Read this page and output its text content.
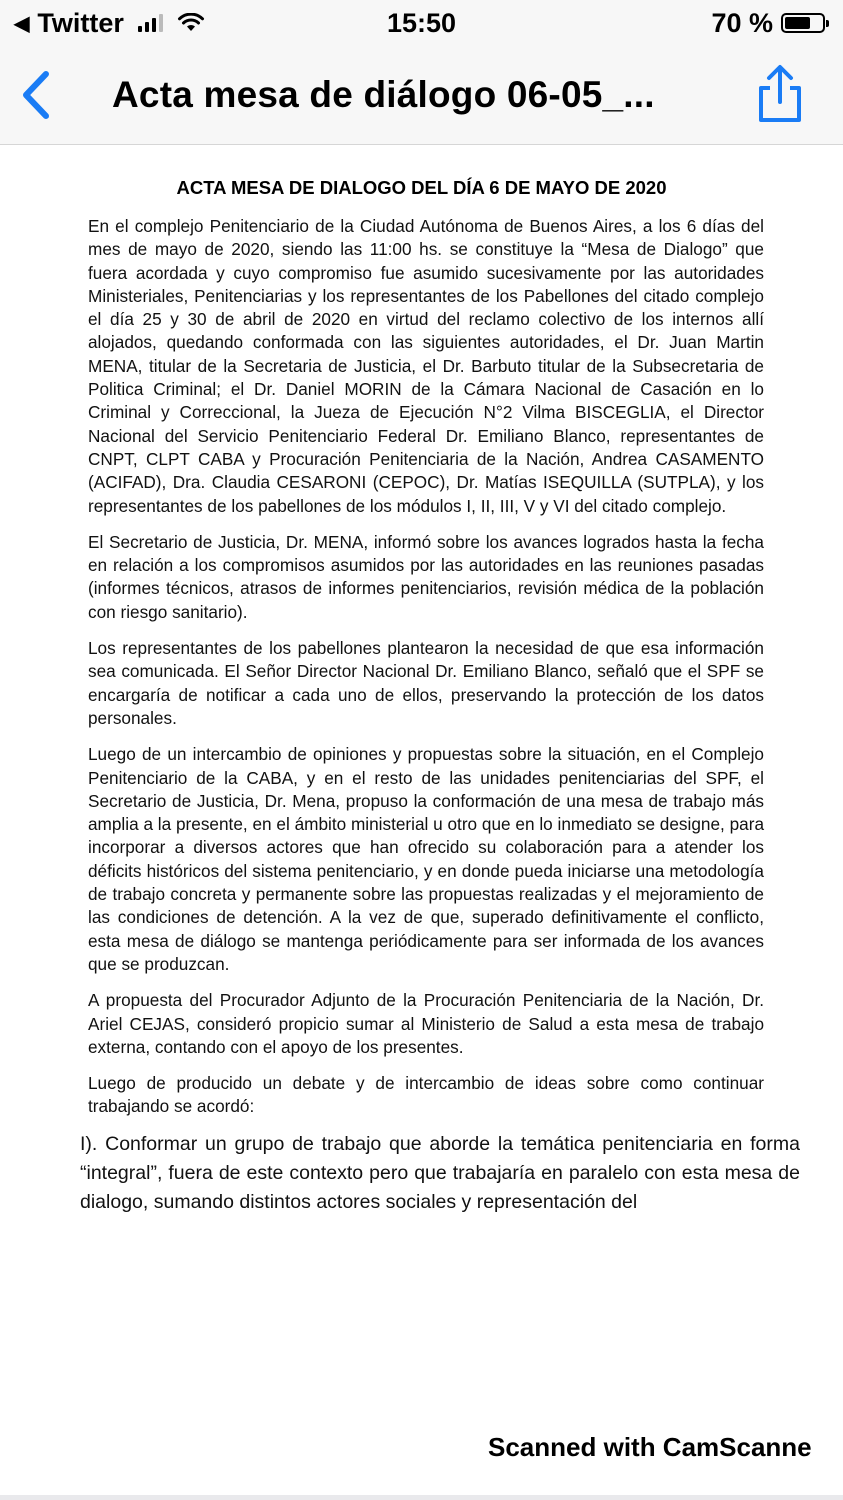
◀ Twitter	15:50	70 %
Acta mesa de diálogo 06-05_...
ACTA MESA DE DIALOGO DEL DÍA 6 DE MAYO DE 2020

En el complejo Penitenciario de la Ciudad Autónoma de Buenos Aires, a los 6 días del mes de mayo de 2020, siendo las 11:00 hs. se constituye la “Mesa de Dialogo” que fuera acordada y cuyo compromiso fue asumido sucesivamente por las autoridades Ministeriales, Penitenciarias y los representantes de los Pabellones del citado complejo el día 25 y 30 de abril de 2020 en virtud del reclamo colectivo de los internos allí alojados, quedando conformada con las siguientes autoridades, el Dr. Juan Martin MENA, titular de la Secretaria de Justicia, el Dr. Barbuto titular de la Subsecretaria de Politica Criminal; el Dr. Daniel MORIN de la Cámara Nacional de Casación en lo Criminal y Correccional, la Jueza de Ejecución N°2 Vilma BISCEGLIA, el Director Nacional del Servicio Penitenciario Federal Dr. Emiliano Blanco, representantes de CNPT, CLPT CABA y Procuración Penitenciaria de la Nación, Andrea CASAMENTO (ACIFAD), Dra. Claudia CESARONI (CEPOC), Dr. Matías ISEQUILLA (SUTPLA), y los representantes de los pabellones de los módulos I, II, III, V y VI del citado complejo.

El Secretario de Justicia, Dr. MENA, informó sobre los avances logrados hasta la fecha en relación a los compromisos asumidos por las autoridades en las reuniones pasadas (informes técnicos, atrasos de informes penitenciarios, revisión médica de la población con riesgo sanitario).

Los representantes de los pabellones plantearon la necesidad de que esa información sea comunicada. El Señor Director Nacional Dr. Emiliano Blanco, señaló que el SPF se encargaría de notificar a cada uno de ellos, preservando la protección de los datos personales.

Luego de un intercambio de opiniones y propuestas sobre la situación, en el Complejo Penitenciario de la CABA, y en el resto de las unidades penitenciarias del SPF, el Secretario de Justicia, Dr. Mena, propuso la conformación de una mesa de trabajo más amplia a la presente, en el ámbito ministerial u otro que en lo inmediato se designe, para incorporar a diversos actores que han ofrecido su colaboración para a atender los déficits históricos del sistema penitenciario, y en donde pueda iniciarse una metodología de trabajo concreta y permanente sobre las propuestas realizadas y el mejoramiento de las condiciones de detención. A la vez de que, superado definitivamente el conflicto, esta mesa de diálogo se mantenga periódicamente para ser informada de los avances que se produzcan.

A propuesta del Procurador Adjunto de la Procuración Penitenciaria de la Nación, Dr. Ariel CEJAS, consideró propicio sumar al Ministerio de Salud a esta mesa de trabajo externa, contando con el apoyo de los presentes.

Luego de producido un debate y de intercambio de ideas sobre como continuar trabajando se acordó:

I). Conformar un grupo de trabajo que aborde la temática penitenciaria en forma “integral”, fuera de este contexto pero que trabajaría en paralelo con esta mesa de dialogo, sumando distintos actores sociales y representación del

Scanned with CamScanne
